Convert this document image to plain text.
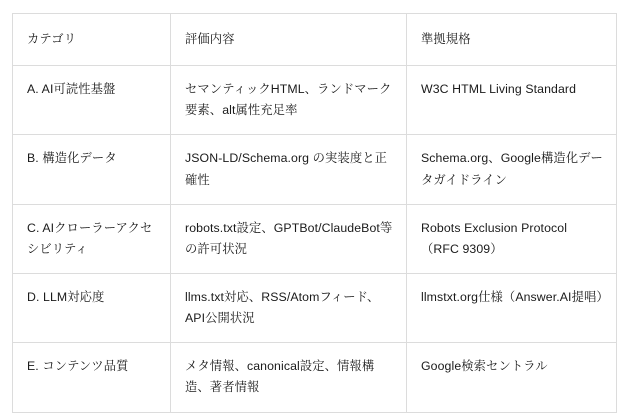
カテゴリ	評価内容	準拠規格
A. AI可読性基盤	セマンティックHTML、ランドマーク要素、alt属性充足率	W3C HTML Living Standard
B. 構造化データ	JSON-LD/Schema.org の実装度と正確性	Schema.org、Google構造化データガイドライン
C. AIクローラーアクセシビリティ	robots.txt設定、GPTBot/ClaudeBot等の許可状況	Robots Exclusion Protocol（RFC 9309）
D. LLM対応度	llms.txt対応、RSS/Atomフィード、API公開状況	llmstxt.org仕様（Answer.AI提唱）
E. コンテンツ品質	メタ情報、canonical設定、情報構造、著者情報	Google検索セントラル
